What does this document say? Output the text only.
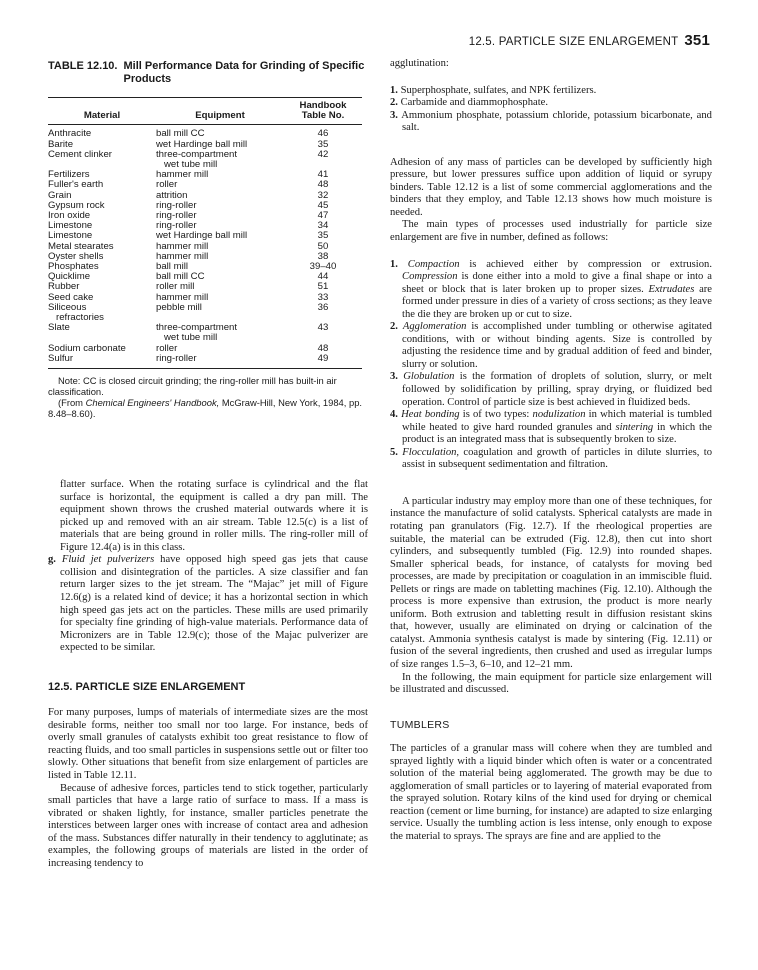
12.5. PARTICLE SIZE ENLARGEMENT 351
TABLE 12.10. Mill Performance Data for Grinding of Specific Products
Material	Equipment	Handbook
Table No.

Anthracite	ball mill CC	46
Barite	wet Hardinge ball mill	35
Cement clinker	three-compartment
wet tube mill	42
Fertilizers	hammer mill	41
Fuller's earth	roller	48
Grain	attrition	32
Gypsum rock	ring-roller	45
Iron oxide	ring-roller	47
Limestone	ring-roller	34
Limestone	wet Hardinge ball mill	35
Metal stearates	hammer mill	50
Oyster shells	hammer mill	38
Phosphates	ball mill	39–40
Quicklime	ball mill CC	44
Rubber	roller mill	51
Seed cake	hammer mill	33
Siliceous
refractories	pebble mill	36
Slate	three-compartment
wet tube mill	43
Sodium carbonate	roller	48
Sulfur	ring-roller	49

Note: CC is closed circuit grinding; the ring-roller mill has built-in air classification.

(From Chemical Engineers' Handbook, McGraw-Hill, New York, 1984, pp. 8.48–8.60).

flatter surface. When the rotating surface is cylindrical and the flat surface is horizontal, the equipment is called a dry pan mill. The equipment shown throws the crushed material outwards where it is picked up and removed with an air stream. Table 12.5(c) is a list of materials that are being ground in roller mills. The ring-roller mill of Figure 12.4(a) is in this class.

g. Fluid jet pulverizers have opposed high speed gas jets that cause collision and disintegration of the particles. A size classifier and fan return larger sizes to the jet stream. The “Majac” jet mill of Figure 12.6(g) is a related kind of device; it has a horizontal section in which high speed gas jets act on the particles. These mills are used primarily for specialty fine grinding of high-value materials. Performance data of Micronizers are in Table 12.9(c); those of the Majac pulverizer are expected to be similar.

12.5. PARTICLE SIZE ENLARGEMENT

For many purposes, lumps of materials of intermediate sizes are the most desirable forms, neither too small nor too large. For instance, beds of overly small granules of catalysts exhibit too great resistance to flow of reacting fluids, and too small particles in suspensions settle out or filter too slowly. Other situations that benefit from size enlargement of particles are listed in Table 12.11.

Because of adhesive forces, particles tend to stick together, particularly small particles that have a large ratio of surface to mass. If a mass is vibrated or shaken lightly, for instance, smaller particles penetrate the interstices between larger ones with increase of contact area and adhesion of the mass. Substances differ naturally in their tendency to agglutinate; as examples, the following groups of materials are listed in the order of increasing tendency to

agglutination:

1. Superphosphate, sulfates, and NPK fertilizers.
2. Carbamide and diammophosphate.
3. Ammonium phosphate, potassium chloride, potassium bicarbonate, and salt.

Adhesion of any mass of particles can be developed by sufficiently high pressure, but lower pressures suffice upon addition of liquid or syrupy binders. Table 12.12 is a list of some commercial agglomerations and the binders that they employ, and Table 12.13 shows how much moisture is needed.

The main types of processes used industrially for particle size enlargement are five in number, defined as follows:

1. Compaction is achieved either by compression or extrusion. Compression is done either into a mold to give a final shape or into a sheet or block that is later broken up to proper sizes. Extrudates are formed under pressure in dies of a variety of cross sections; as they leave the die they are broken up or cut to size.

2. Agglomeration is accomplished under tumbling or otherwise agitated conditions, with or without binding agents. Size is controlled by adjusting the residence time and by gradual addition of feed and binder, slurry or solution.

3. Globulation is the formation of droplets of solution, slurry, or melt followed by solidification by prilling, spray drying, or fluidized bed operation. Control of particle size is best achieved in fluidized beds.

4. Heat bonding is of two types: nodulization in which material is tumbled while heated to give hard rounded granules and sintering in which the product is an integrated mass that is subsequently broken to size.

5. Flocculation, coagulation and growth of particles in dilute slurries, to assist in subsequent sedimentation and filtration.

A particular industry may employ more than one of these techniques, for instance the manufacture of solid catalysts. Spherical catalysts are made in rotating pan granulators (Fig. 12.7). If the rheological properties are suitable, the material can be extruded (Fig. 12.8), then cut into short cylinders, and subsequently tumbled (Fig. 12.9) into rounded shapes. Smaller spherical beads, for instance, of catalysts for moving bed processes, are made by precipitation or coagulation in an immiscible fluid. Pellets or rings are made on tabletting machines (Fig. 12.10). Although the process is more expensive than extrusion, the product is more nearly uniform. Both extrusion and tabletting result in diffusion resistant skins that, however, usually are eliminated on drying or calcination of the catalyst. Ammonia synthesis catalyst is made by sintering (Fig. 12.11) or fusion of the several ingredients, then crushed and used as irregular lumps of size ranges 1.5–3, 6–10, and 12–21 mm.

In the following, the main equipment for particle size enlargement will be illustrated and discussed.

TUMBLERS

The particles of a granular mass will cohere when they are tumbled and sprayed lightly with a liquid binder which often is water or a concentrated solution of the material being agglomerated. The growth may be due to agglomeration of small particles or to layering of material evaporated from the sprayed solution. Rotary kilns of the kind used for drying or chemical reaction (cement or lime burning, for instance) are adapted to size enlarging service. Usually the tumbling action is less intense, only enough to expose the material to sprays. The sprays are fine and are applied to the
